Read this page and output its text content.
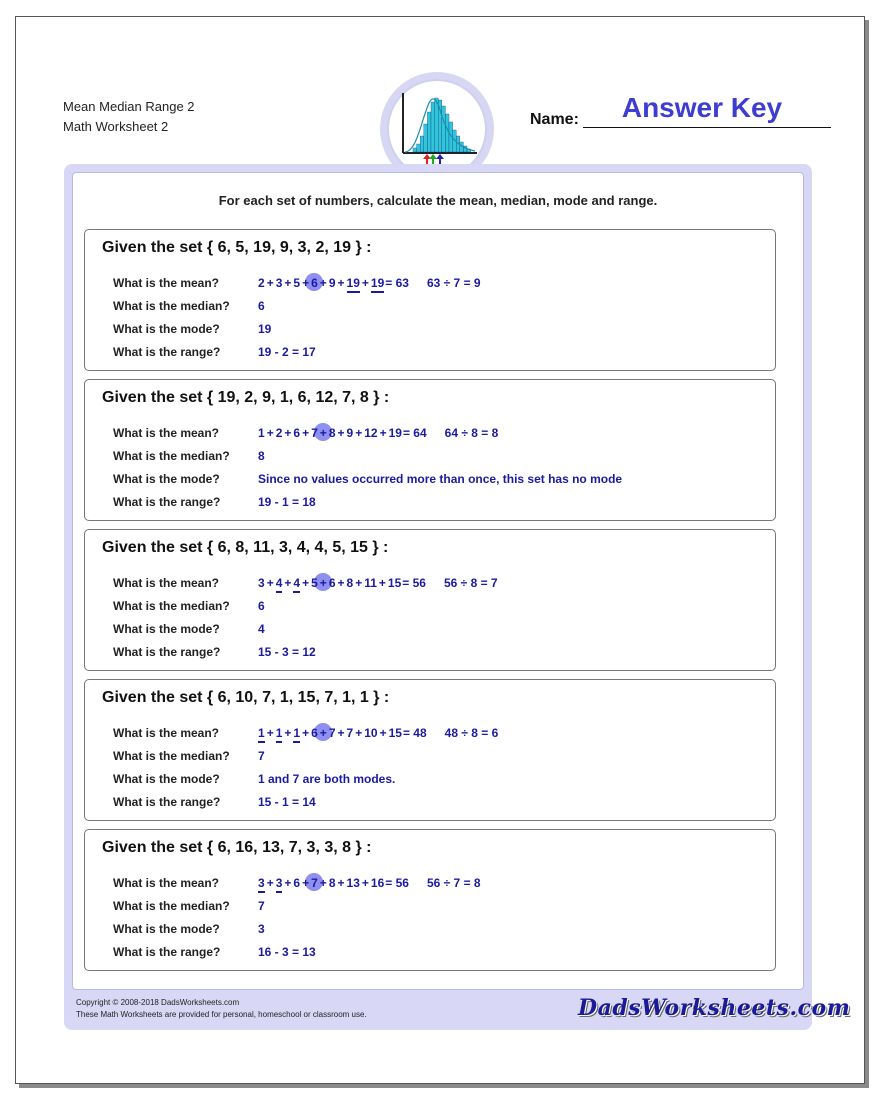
Mean Median Range 2
Math Worksheet 2
Answer Key
Name:
For each set of numbers, calculate the mean, median, mode and range.
Given the set { 6, 5, 19, 9, 3, 2, 19 } :
What is the mean?	2 + 3 + 5 + 6 + 9 + 19 + 19= 63 63 ÷ 7 = 9
What is the median? 6
What is the mode?	19
What is the range?	19 - 2 = 17
Given the set { 19, 2, 9, 1, 6, 12, 7, 8 } :
What is the mean?	1 + 2 + 6 + 7 + 8 + 9 + 12 + 19= 64 64 ÷ 8 = 8
What is the median? 8
What is the mode?	Since no values occurred more than once, this set has no mode
What is the range?	19 - 1 = 18
Given the set { 6, 8, 11, 3, 4, 4, 5, 15 } :
What is the mean?	3 + 4 + 4 + 5 + 6 + 8 + 11 + 15= 56 56 ÷ 8 = 7
What is the median? 6
What is the mode?	4
What is the range?	15 - 3 = 12
Given the set { 6, 10, 7, 1, 15, 7, 1, 1 } :
What is the mean?	1 + 1 + 1 + 6 + 7 + 7 + 10 + 15= 48 48 ÷ 8 = 6
What is the median? 7
What is the mode?	1 and 7 are both modes.
What is the range?	15 - 1 = 14
Given the set { 6, 16, 13, 7, 3, 3, 8 } :
What is the mean?	3 + 3 + 6 + 7 + 8 + 13 + 16= 56 56 ÷ 7 = 8
What is the median? 7
What is the mode?	3
What is the range?	16 - 3 = 13
Copyright © 2008-2018 DadsWorksheets.com
These Math Worksheets are provided for personal, homeschool or classroom use.	DadsWorksheets.com
